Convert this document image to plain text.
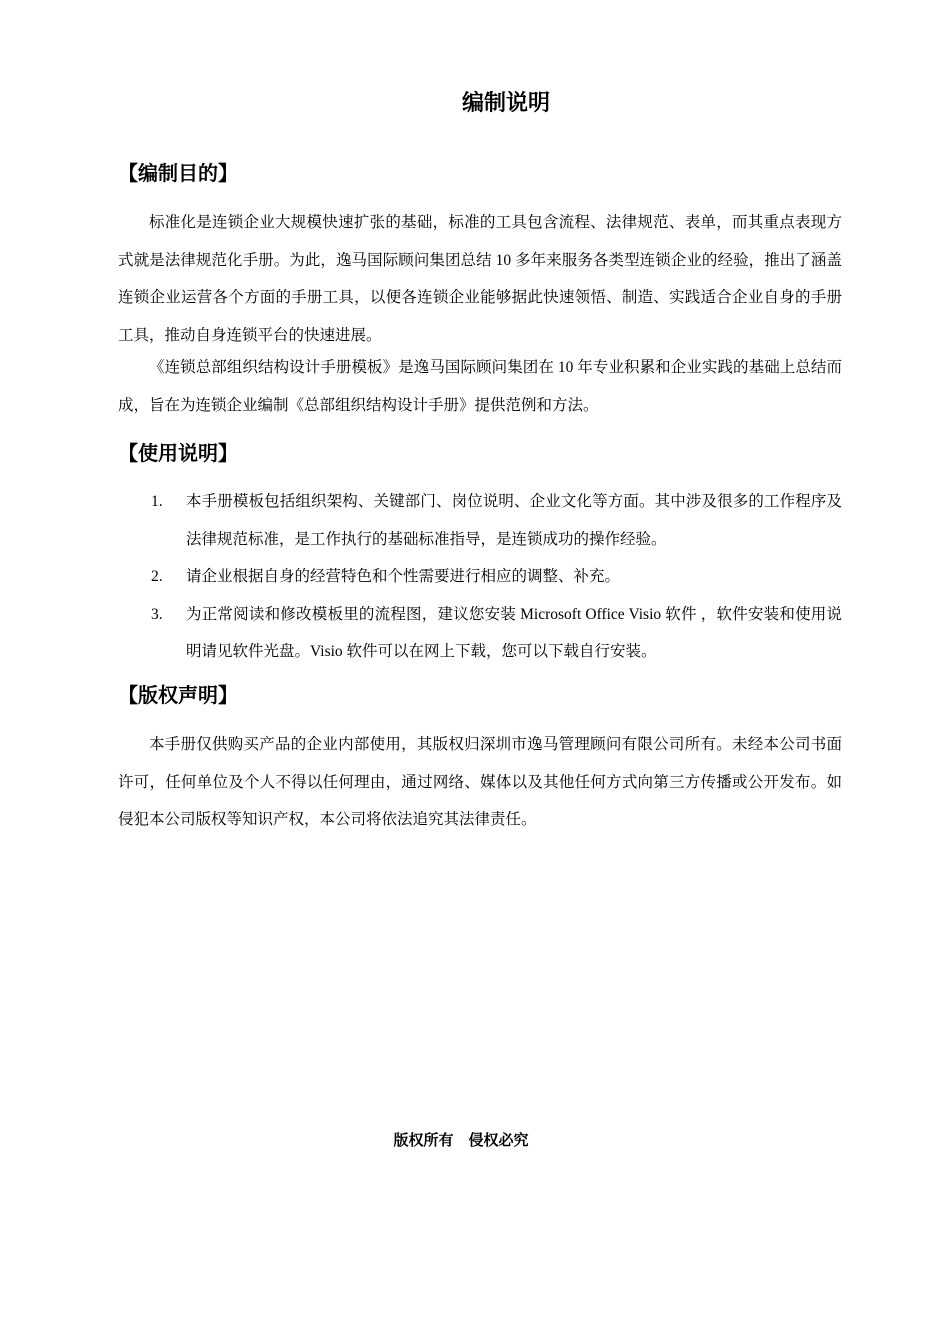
编制说明
【编制目的】

标准化是连锁企业大规模快速扩张的基础，标准的工具包含流程、法律规范、表单，而其重点表现方式就是法律规范化手册。为此，逸马国际顾问集团总结 10 多年来服务各类型连锁企业的经验，推出了涵盖连锁企业运营各个方面的手册工具，以便各连锁企业能够据此快速领悟、制造、实践适合企业自身的手册工具，推动自身连锁平台的快速进展。

《连锁总部组织结构设计手册模板》是逸马国际顾问集团在 10 年专业积累和企业实践的基础上总结而成，旨在为连锁企业编制《总部组织结构设计手册》提供范例和方法。

【使用说明】
1. 本手册模板包括组织架构、关键部门、岗位说明、企业文化等方面。其中涉及很多的工作程序及法律规范标准，是工作执行的基础标准指导，是连锁成功的操作经验。
2. 请企业根据自身的经营特色和个性需要进行相应的调整、补充。
3. 为正常阅读和修改模板里的流程图，建议您安装 Microsoft Office Visio 软件 ，软件安装和使用说明请见软件光盘。Visio 软件可以在网上下载，您可以下载自行安装。
【版权声明】

本手册仅供购买产品的企业内部使用，其版权归深圳市逸马管理顾问有限公司所有。未经本公司书面许可，任何单位及个人不得以任何理由，通过网络、媒体以及其他任何方式向第三方传播或公开发布。如侵犯本公司版权等知识产权，本公司将依法追究其法律责任。

版权所有　侵权必究
